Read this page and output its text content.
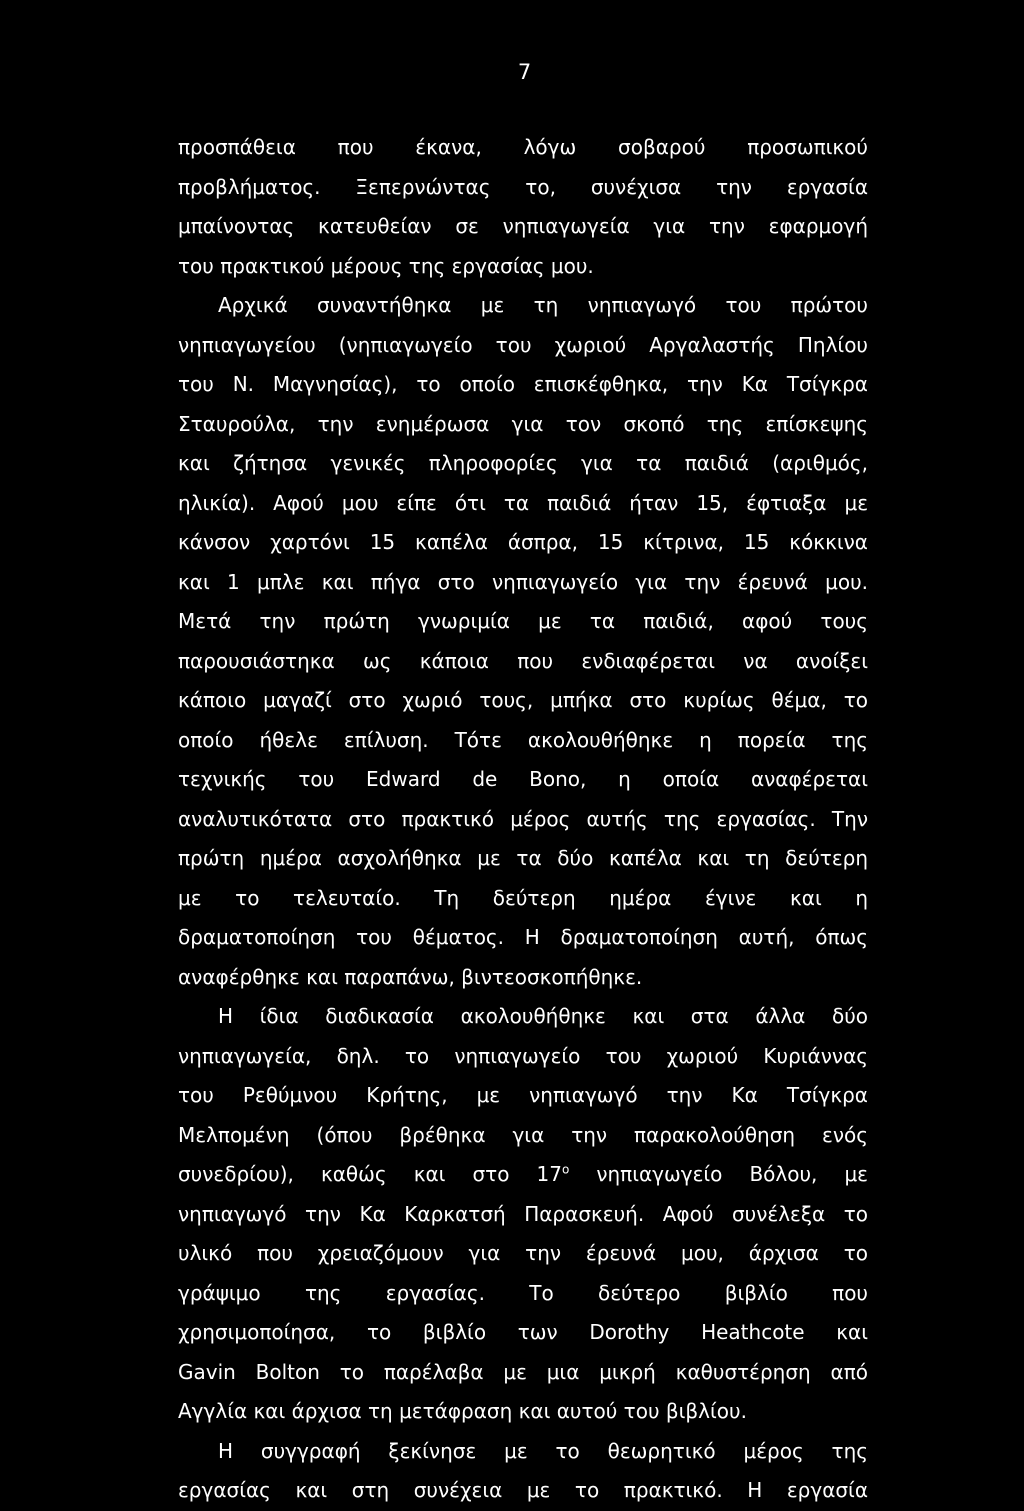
7
προσπάθεια που έκανα, λόγω σοβαρού προσωπικού
προβλήματος. Ξεπερνώντας το, συνέχισα την εργασία
μπαίνοντας κατευθείαν σε νηπιαγωγεία για την εφαρμογή
του πρακτικού μέρους της εργασίας μου.
Αρχικά συναντήθηκα με τη νηπιαγωγό του πρώτου
νηπιαγωγείου (νηπιαγωγείο του χωριού Αργαλαστής Πηλίου
του Ν. Μαγνησίας), το οποίο επισκέφθηκα, την Κα Τσίγκρα
Σταυρούλα, την ενημέρωσα για τον σκοπό της επίσκεψης
και ζήτησα γενικές πληροφορίες για τα παιδιά (αριθμός,
ηλικία). Αφού μου είπε ότι τα παιδιά ήταν 15, έφτιαξα με
κάνσον χαρτόνι 15 καπέλα άσπρα, 15 κίτρινα, 15 κόκκινα
και 1 μπλε και πήγα στο νηπιαγωγείο για την έρευνά μου.
Μετά την πρώτη γνωριμία με τα παιδιά, αφού τους
παρουσιάστηκα ως κάποια που ενδιαφέρεται να ανοίξει
κάποιο μαγαζί στο χωριό τους, μπήκα στο κυρίως θέμα, το
οποίο ήθελε επίλυση. Τότε ακολουθήθηκε η πορεία της
τεχνικής του Edward de Bono, η οποία αναφέρεται
αναλυτικότατα στο πρακτικό μέρος αυτής της εργασίας. Την
πρώτη ημέρα ασχολήθηκα με τα δύο καπέλα και τη δεύτερη
με το τελευταίο. Τη δεύτερη ημέρα έγινε και η
δραματοποίηση του θέματος. Η δραματοποίηση αυτή, όπως
αναφέρθηκε και παραπάνω, βιντεοσκοπήθηκε.
Η ίδια διαδικασία ακολουθήθηκε και στα άλλα δύο
νηπιαγωγεία, δηλ. το νηπιαγωγείο του χωριού Κυριάννας
του Ρεθύμνου Κρήτης, με νηπιαγωγό την Κα Τσίγκρα
Μελπομένη (όπου βρέθηκα για την παρακολούθηση ενός
συνεδρίου), καθώς και στο $17^o$ νηπιαγωγείο Βόλου, με
νηπιαγωγό την Κα Καρκατσή Παρασκευή. Αφού συνέλεξα το
υλικό που χρειαζόμουν για την έρευνά μου, άρχισα το
γράψιμο της εργασίας. Το δεύτερο βιβλίο που
χρησιμοποίησα, το βιβλίο των Dorothy Heathcote και
Gavin Bolton το παρέλαβα με μια μικρή καθυστέρηση από
Αγγλία και άρχισα τη μετάφραση και αυτού του βιβλίου.
Η συγγραφή ξεκίνησε με το θεωρητικό μέρος της
εργασίας και στη συνέχεια με το πρακτικό. Η εργασία
